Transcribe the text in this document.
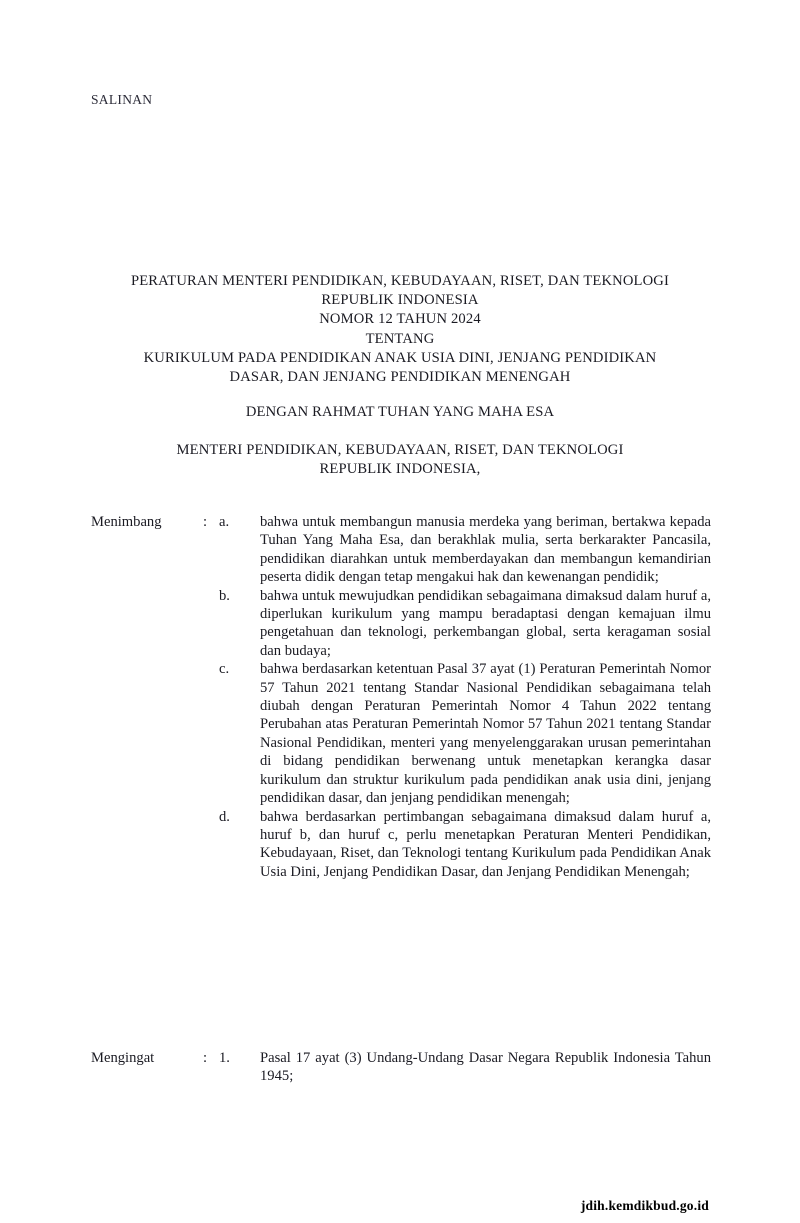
SALINAN
PERATURAN MENTERI PENDIDIKAN, KEBUDAYAAN, RISET, DAN TEKNOLOGI
REPUBLIK INDONESIA
NOMOR 12 TAHUN 2024
TENTANG
KURIKULUM PADA PENDIDIKAN ANAK USIA DINI, JENJANG PENDIDIKAN
DASAR, DAN JENJANG PENDIDIKAN MENENGAH
DENGAN RAHMAT TUHAN YANG MAHA ESA
MENTERI PENDIDIKAN, KEBUDAYAAN, RISET, DAN TEKNOLOGI
REPUBLIK INDONESIA,
Menimbang	: a.	bahwa untuk membangun manusia merdeka yang beriman, bertakwa kepada Tuhan Yang Maha Esa, dan berakhlak mulia, serta berkarakter Pancasila, pendidikan diarahkan untuk memberdayakan dan membangun kemandirian peserta didik dengan tetap mengakui hak dan kewenangan pendidik;
b.	bahwa untuk mewujudkan pendidikan sebagaimana dimaksud dalam huruf a, diperlukan kurikulum yang mampu beradaptasi dengan kemajuan ilmu pengetahuan dan teknologi, perkembangan global, serta keragaman sosial dan budaya;
c.	bahwa berdasarkan ketentuan Pasal 37 ayat (1) Peraturan Pemerintah Nomor 57 Tahun 2021 tentang Standar Nasional Pendidikan sebagaimana telah diubah dengan Peraturan Pemerintah Nomor 4 Tahun 2022 tentang Perubahan atas Peraturan Pemerintah Nomor 57 Tahun 2021 tentang Standar Nasional Pendidikan, menteri yang menyelenggarakan urusan pemerintahan di bidang pendidikan berwenang untuk menetapkan kerangka dasar kurikulum dan struktur kurikulum pada pendidikan anak usia dini, jenjang pendidikan dasar, dan jenjang pendidikan menengah;
d.	bahwa berdasarkan pertimbangan sebagaimana dimaksud dalam huruf a, huruf b, dan huruf c, perlu menetapkan Peraturan Menteri Pendidikan, Kebudayaan, Riset, dan Teknologi tentang Kurikulum pada Pendidikan Anak Usia Dini, Jenjang Pendidikan Dasar, dan Jenjang Pendidikan Menengah;
Mengingat	: 1.	Pasal 17 ayat (3) Undang-Undang Dasar Negara Republik Indonesia Tahun 1945;
jdih.kemdikbud.go.id
